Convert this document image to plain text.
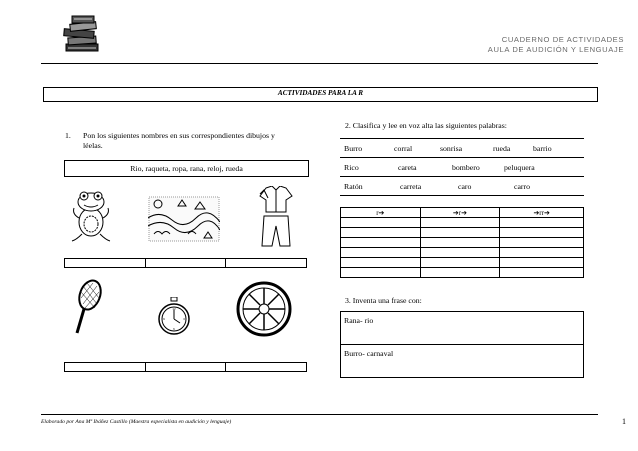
CUADERNO DE ACTIVIDADES
AULA DE AUDICIÓN Y LENGUAJE
ACTIVIDADES PARA LA R
1. Pon los siguientes nombres en sus correspondientes dibujos y
léelas.
Rio, raqueta, ropa, rana, reloj, rueda

12
3
6
9

2. Clasifica y lee en voz alta las siguientes palabras:
Burro	corral	sonrisa	rueda	barrio
Rico	careta	bombero	peluquera
Ratón	carreta	caro	carro
r➔	➔r➔	➔rr➔

3. Inventa una frase con:
Rana- rio
Burro- carnaval
Elaborado por Ana Mª Ibáñez Castillo (Maestra especialista en audición y lenguaje)	1
